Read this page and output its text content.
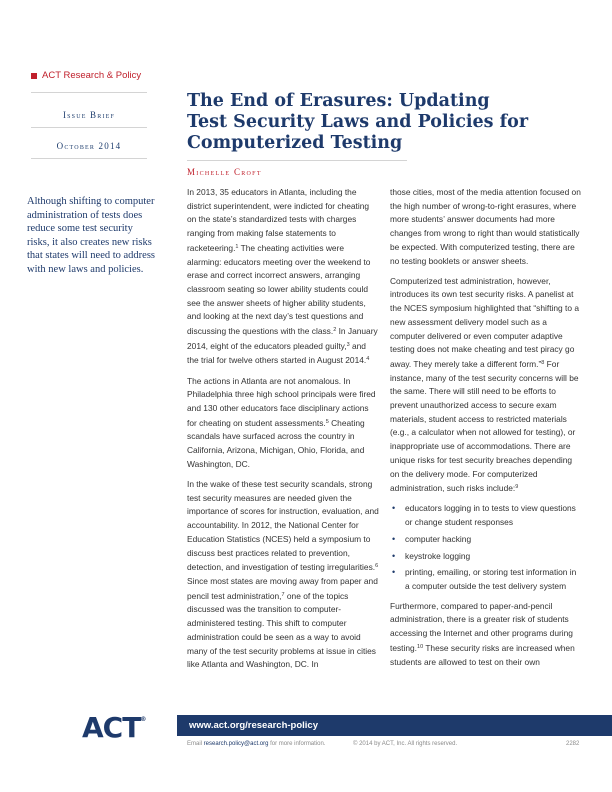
ACT Research & Policy
Issue Brief
October 2014
The End of Erasures: Updating
Test Security Laws and Policies for
Computerized Testing
Michelle Croft
Although shifting to computer administration of tests does reduce some test security risks, it also creates new risks that states will need to address with new laws and policies.

In 2013, 35 educators in Atlanta, including the district superintendent, were indicted for cheating on the state’s standardized tests with charges ranging from making false statements to racketeering.$^1$ The cheating activities were alarming: educators meeting over the weekend to erase and correct incorrect answers, arranging classroom seating so lower ability students could see the answer sheets of higher ability students, and looking at the next day’s test questions and discussing the questions with the class.$^2$ In January 2014, eight of the educators pleaded guilty,$^3$ and the trial for twelve others started in August 2014.$^4$

The actions in Atlanta are not anomalous. In Philadelphia three high school principals were fired and 130 other educators face disciplinary actions for cheating on student assessments.$^5$ Cheating scandals have surfaced across the country in California, Arizona, Michigan, Ohio, Florida, and Washington, DC.

In the wake of these test security scandals, strong test security measures are needed given the importance of scores for instruction, evaluation, and accountability. In 2012, the National Center for Education Statistics (NCES) held a symposium to discuss best practices related to prevention, detection, and investigation of testing irregularities.$^6$ Since most states are moving away from paper and pencil test administration,$^7$ one of the topics discussed was the transition to computer-administered testing. This shift to computer administration could be seen as a way to avoid many of the test security problems at issue in cities like Atlanta and Washington, DC. In

those cities, most of the media attention focused on the high number of wrong-to-right erasures, where more students’ answer documents had more changes from wrong to right than would statistically be expected. With computerized testing, there are no testing booklets or answer sheets.

Computerized test administration, however, introduces its own test security risks. A panelist at the NCES symposium highlighted that “shifting to a new assessment delivery model such as a computer delivered or even computer adaptive testing does not make cheating and test piracy go away. They merely take a different form.”$^8$ For instance, many of the test security concerns will be the same. There will still need to be efforts to prevent unauthorized access to secure exam materials, student access to restricted materials (e.g., a calculator when not allowed for testing), or inappropriate use of accommodations. There are unique risks for test security breaches depending on the delivery mode. For computerized administration, such risks include:$^9$

• educators logging in to tests to view questions or change student responses
• computer hacking
• keystroke logging
• printing, emailing, or storing test information in a computer outside the test delivery system

Furthermore, compared to paper-and-pencil administration, there is a greater risk of students accessing the Internet and other programs during testing.$^{10}$ These security risks are increased when students are allowed to test on their own

ACT®
www.act.org/research-policy
Email research.policy@act.org for more information.	© 2014 by ACT, Inc. All rights reserved.	2282
